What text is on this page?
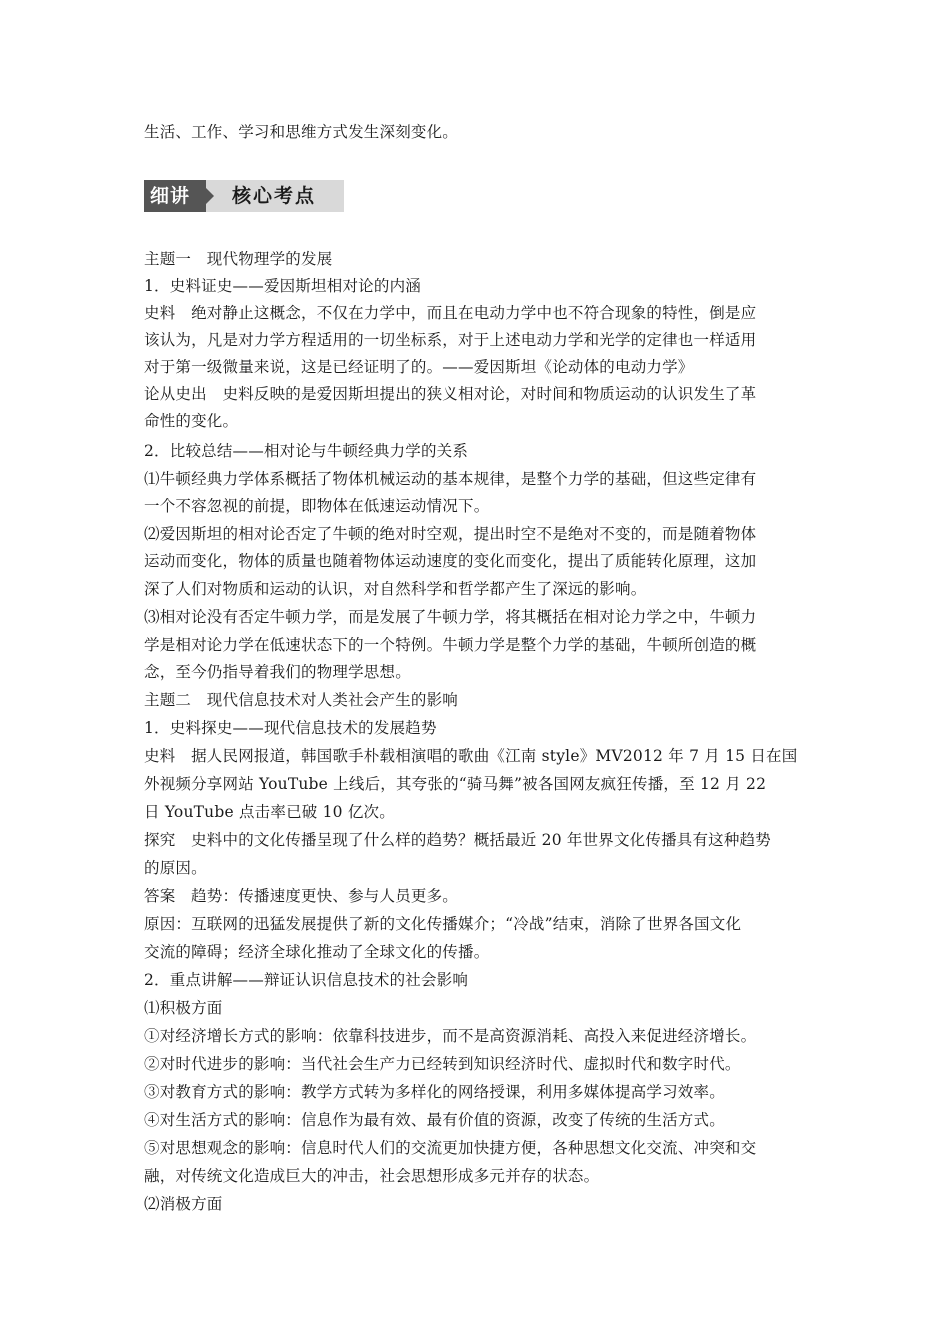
生活、工作、学习和思维方式发生深刻变化。
细讲 核心考点
主题一　现代物理学的发展
1．史料证史——爱因斯坦相对论的内涵
史料　绝对静止这概念，不仅在力学中，而且在电动力学中也不符合现象的特性，倒是应
该认为，凡是对力学方程适用的一切坐标系，对于上述电动力学和光学的定律也一样适用
对于第一级微量来说，这是已经证明了的。——爱因斯坦《论动体的电动力学》
论从史出　史料反映的是爱因斯坦提出的狭义相对论，对时间和物质运动的认识发生了革
命性的变化。
2．比较总结——相对论与牛顿经典力学的关系
⑴牛顿经典力学体系概括了物体机械运动的基本规律，是整个力学的基础，但这些定律有
一个不容忽视的前提，即物体在低速运动情况下。
⑵爱因斯坦的相对论否定了牛顿的绝对时空观，提出时空不是绝对不变的，而是随着物体
运动而变化，物体的质量也随着物体运动速度的变化而变化，提出了质能转化原理，这加
深了人们对物质和运动的认识，对自然科学和哲学都产生了深远的影响。
⑶相对论没有否定牛顿力学，而是发展了牛顿力学，将其概括在相对论力学之中，牛顿力
学是相对论力学在低速状态下的一个特例。牛顿力学是整个力学的基础，牛顿所创造的概
念，至今仍指导着我们的物理学思想。
主题二　现代信息技术对人类社会产生的影响
1．史料探史——现代信息技术的发展趋势
史料　据人民网报道，韩国歌手朴载相演唱的歌曲《江南 style》MV2012 年 7 月 15 日在国
外视频分享网站 YouTube 上线后，其夸张的“骑马舞”被各国网友疯狂传播，至 12 月 22
日 YouTube 点击率已破 10 亿次。
探究　史料中的文化传播呈现了什么样的趋势？概括最近 20 年世界文化传播具有这种趋势
的原因。
答案　趋势：传播速度更快、参与人员更多。
原因：互联网的迅猛发展提供了新的文化传播媒介；“冷战”结束，消除了世界各国文化
交流的障碍；经济全球化推动了全球文化的传播。
2．重点讲解——辩证认识信息技术的社会影响
⑴积极方面
①对经济增长方式的影响：依靠科技进步，而不是高资源消耗、高投入来促进经济增长。
②对时代进步的影响：当代社会生产力已经转到知识经济时代、虚拟时代和数字时代。
③对教育方式的影响：教学方式转为多样化的网络授课，利用多媒体提高学习效率。
④对生活方式的影响：信息作为最有效、最有价值的资源，改变了传统的生活方式。
⑤对思想观念的影响：信息时代人们的交流更加快捷方便，各种思想文化交流、冲突和交
融，对传统文化造成巨大的冲击，社会思想形成多元并存的状态。
⑵消极方面
